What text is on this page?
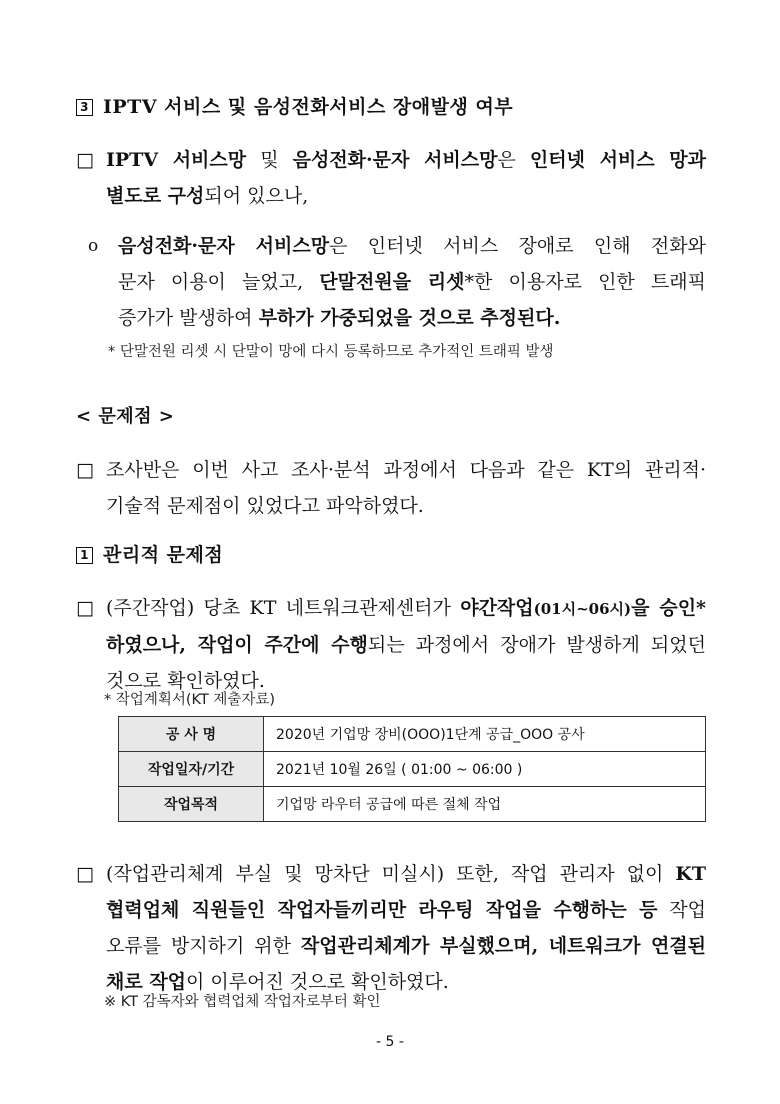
3 IPTV 서비스 및 음성전화서비스 장애발생 여부
□ IPTV 서비스망 및 음성전화·문자 서비스망은 인터넷 서비스 망과
별도로 구성되어 있으나,
o 음성전화·문자 서비스망은 인터넷 서비스 장애로 인해 전화와
문자 이용이 늘었고, 단말전원을 리셋*한 이용자로 인한 트래픽
증가가 발생하여 부하가 가중되었을 것으로 추정된다.
* 단말전원 리셋 시 단말이 망에 다시 등록하므로 추가적인 트래픽 발생
< 문제점 >
□ 조사반은 이번 사고 조사·분석 과정에서 다음과 같은 KT의 관리적·
기술적 문제점이 있었다고 파악하였다.
1 관리적 문제점
□ (주간작업) 당초 KT 네트워크관제센터가 야간작업(01시~06시)을 승인*
하였으나, 작업이 주간에 수행되는 과정에서 장애가 발생하게 되었던
것으로 확인하였다.
* 작업계획서(KT 제출자료)
공 사 명	2020년 기업망 장비(OOO)1단계 공급_OOO 공사
작업일자/기간	2021년 10월 26일 ( 01:00 ~ 06:00 )
작업목적	기업망 라우터 공급에 따른 절체 작업
□ (작업관리체계 부실 및 망차단 미실시) 또한, 작업 관리자 없이 KT
협력업체 직원들인 작업자들끼리만 라우팅 작업을 수행하는 등 작업
오류를 방지하기 위한 작업관리체계가 부실했으며, 네트워크가 연결된
채로 작업이 이루어진 것으로 확인하였다.
※ KT 감독자와 협력업체 작업자로부터 확인
- 5 -
